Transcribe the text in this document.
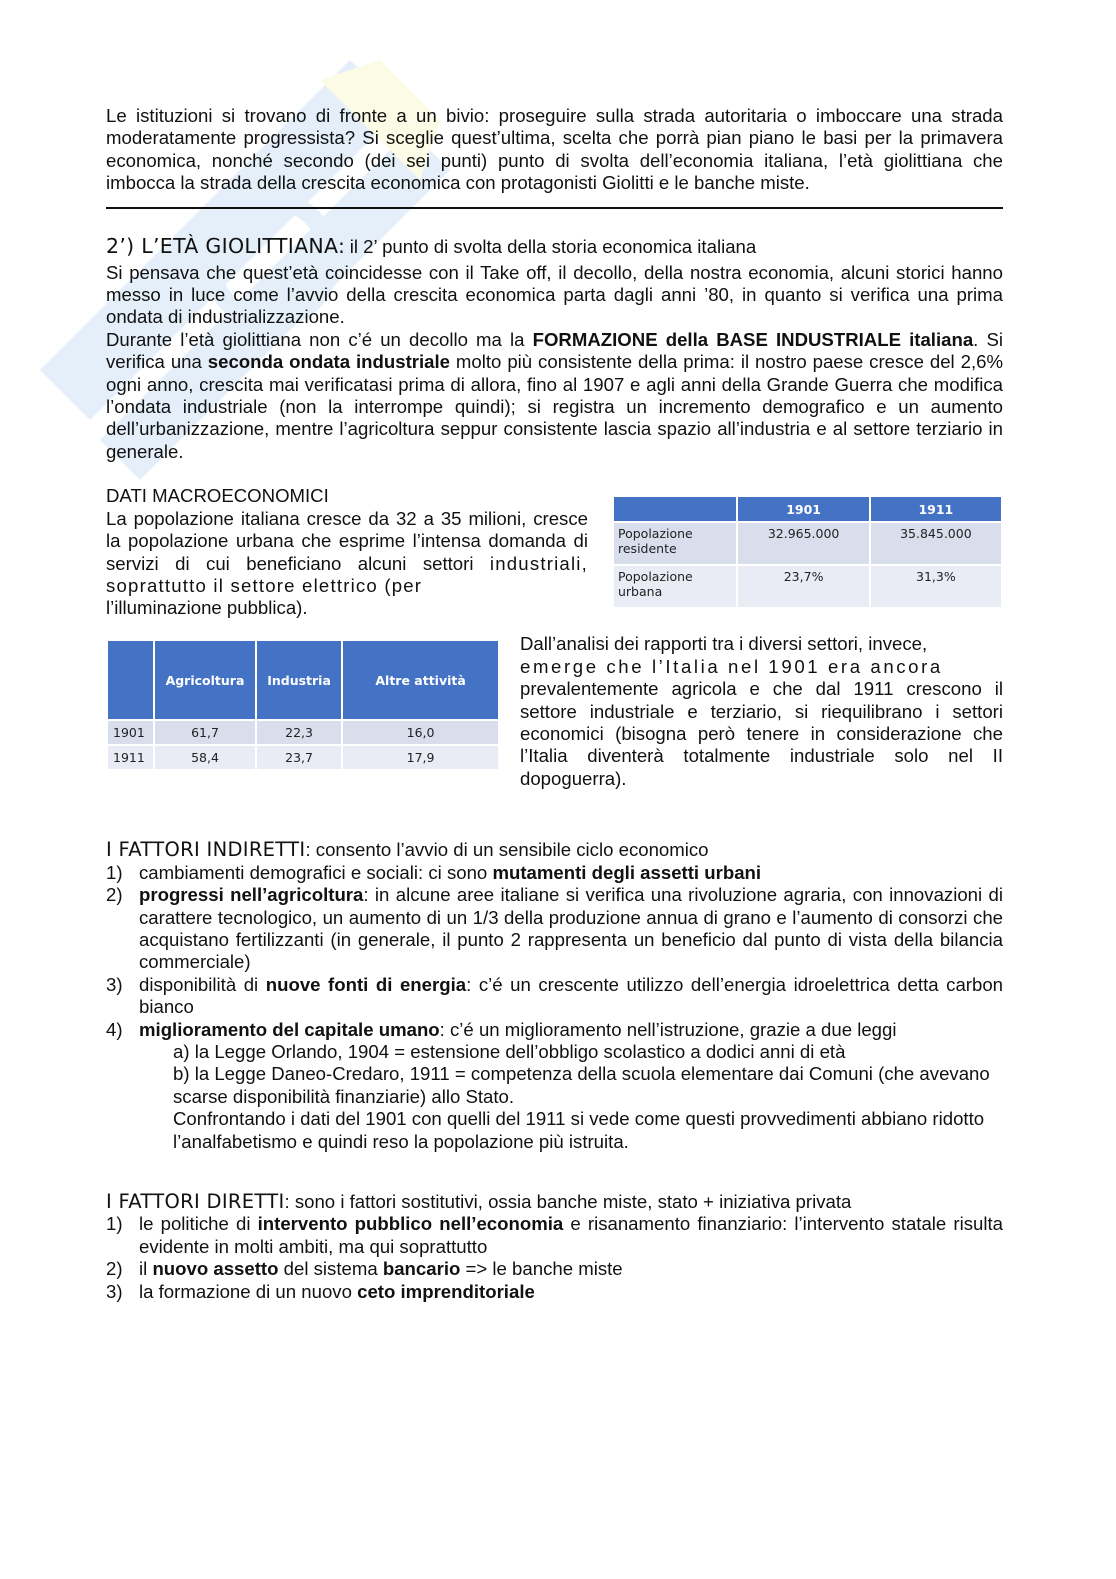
Le istituzioni si trovano di fronte a un bivio: proseguire sulla strada autoritaria o imboccare una strada moderatamente progressista? Si sceglie quest’ultima, scelta che porrà pian piano le basi per la primavera economica, nonché secondo (dei sei punti) punto di svolta dell’economia italiana, l’età giolittiana che imbocca la strada della crescita economica con protagonisti Giolitti e le banche miste.

2’) L’ETÀ GIOLITTIANA: il 2’ punto di svolta della storia economica italiana

Si pensava che quest’età coincidesse con il Take off, il decollo, della nostra economia, alcuni storici hanno messo in luce come l’avvio della crescita economica parta dagli anni ’80, in quanto si verifica una prima ondata di industrializzazione.

Durante l’età giolittiana non c’é un decollo ma la FORMAZIONE della BASE INDUSTRIALE italiana. Si verifica una seconda ondata industriale molto più consistente della prima: il nostro paese cresce del 2,6% ogni anno, crescita mai verificatasi prima di allora, fino al 1907 e agli anni della Grande Guerra che modifica l’ondata industriale (non la interrompe quindi); si registra un incremento demografico e un aumento dell’urbanizzazione, mentre l’agricoltura seppur consistente lascia spazio all’industria e al settore terziario in generale.

DATI MACROECONOMICI

La popolazione italiana cresce da 32 a 35 milioni, cresce la popolazione urbana che esprime l’intensa domanda di servizi di cui beneficiano alcuni settori industriali, soprattutto il settore elettrico (per
l’illuminazione pubblica).

	1901	1911
Popolazione residente	32.965.000	35.845.000
Popolazione urbana	23,7%	31,3%
	Agricoltura	Industria	Altre attività
1901	61,7	22,3	16,0
1911	58,4	23,7	17,9

Dall’analisi dei rapporti tra i diversi settori, invece,
emerge che l’Italia nel 1901 era ancora
prevalentemente agricola e che dal 1911 crescono il settore industriale e terziario, si riequilibrano i settori economici (bisogna però tenere in considerazione che l’Italia diventerà totalmente industriale solo nel II dopoguerra).

I FATTORI INDIRETTI: consento l’avvio di un sensibile ciclo economico

1) cambiamenti demografici e sociali: ci sono mutamenti degli assetti urbani
2) progressi nell’agricoltura: in alcune aree italiane si verifica una rivoluzione agraria, con innovazioni di carattere tecnologico, un aumento di un 1/3 della produzione annua di grano e l’aumento di consorzi che acquistano fertilizzanti (in generale, il punto 2 rappresenta un beneficio dal punto di vista della bilancia commerciale)
3) disponibilità di nuove fonti di energia: c’é un crescente utilizzo dell’energia idroelettrica detta carbon bianco
4) miglioramento del capitale umano: c’é un miglioramento nell’istruzione, grazie a due leggi

a) la Legge Orlando, 1904 = estensione dell’obbligo scolastico a dodici anni di età

b) la Legge Daneo-Credaro, 1911 = competenza della scuola elementare dai Comuni (che avevano scarse disponibilità finanziarie) allo Stato.

Confrontando i dati del 1901 con quelli del 1911 si vede come questi provvedimenti abbiano ridotto l’analfabetismo e quindi reso la popolazione più istruita.

I FATTORI DIRETTI: sono i fattori sostitutivi, ossia banche miste, stato + iniziativa privata

1) le politiche di intervento pubblico nell’economia e risanamento finanziario: l’intervento statale risulta evidente in molti ambiti, ma qui soprattutto
2) il nuovo assetto del sistema bancario => le banche miste
3) la formazione di un nuovo ceto imprenditoriale
